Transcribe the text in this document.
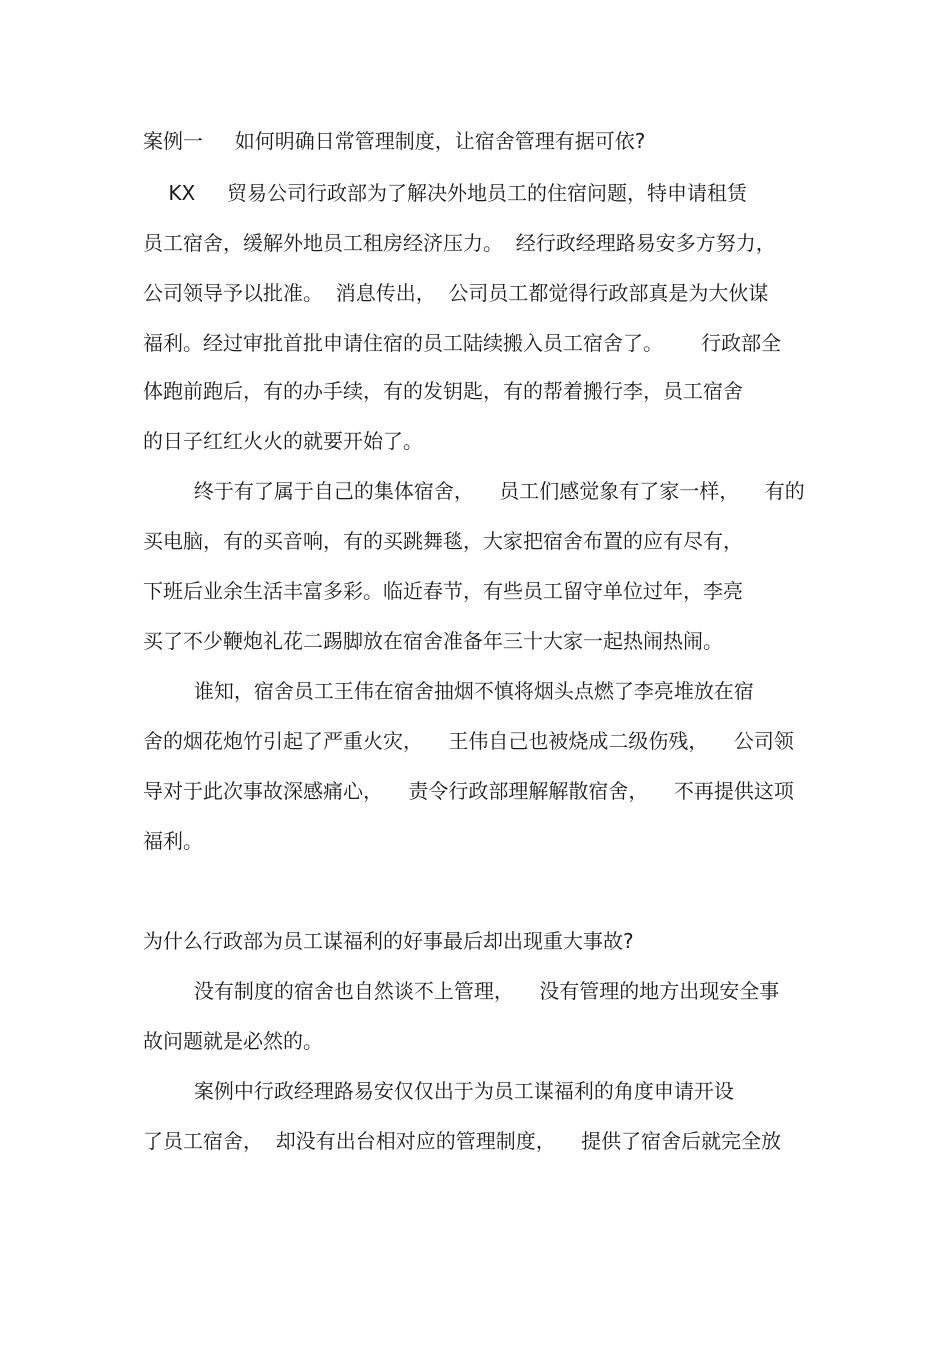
案例一     如何明确日常管理制度，让宿舍管理有据可依?

KX     贸易公司行政部为了解决外地员工的住宿问题，特申请租赁

员工宿舍，缓解外地员工租房经济压力。  经行政经理路易安多方努力，

公司领导予以批准。  消息传出，  公司员工都觉得行政部真是为大伙谋

福利。经过审批首批申请住宿的员工陆续搬入员工宿舍了。      行政部全

体跑前跑后，有的办手续，有的发钥匙，有的帮着搬行李，员工宿舍

的日子红红火火的就要开始了。

终于有了属于自己的集体宿舍，    员工们感觉象有了家一样，    有的

买电脑，有的买音响，有的买跳舞毯，大家把宿舍布置的应有尽有，

下班后业余生活丰富多彩。临近春节，有些员工留守单位过年，李亮

买了不少鞭炮礼花二踢脚放在宿舍准备年三十大家一起热闹热闹。

谁知，宿舍员工王伟在宿舍抽烟不慎将烟头点燃了李亮堆放在宿

舍的烟花炮竹引起了严重火灾，    王伟自己也被烧成二级伤残，    公司领

导对于此次事故深感痛心，    责令行政部理解解散宿舍，    不再提供这项

福利。

为什么行政部为员工谋福利的好事最后却出现重大事故?

没有制度的宿舍也自然谈不上管理，    没有管理的地方出现安全事

故问题就是必然的。

案例中行政经理路易安仅仅出于为员工谋福利的角度申请开设

了员工宿舍，  却没有出台相对应的管理制度，    提供了宿舍后就完全放
